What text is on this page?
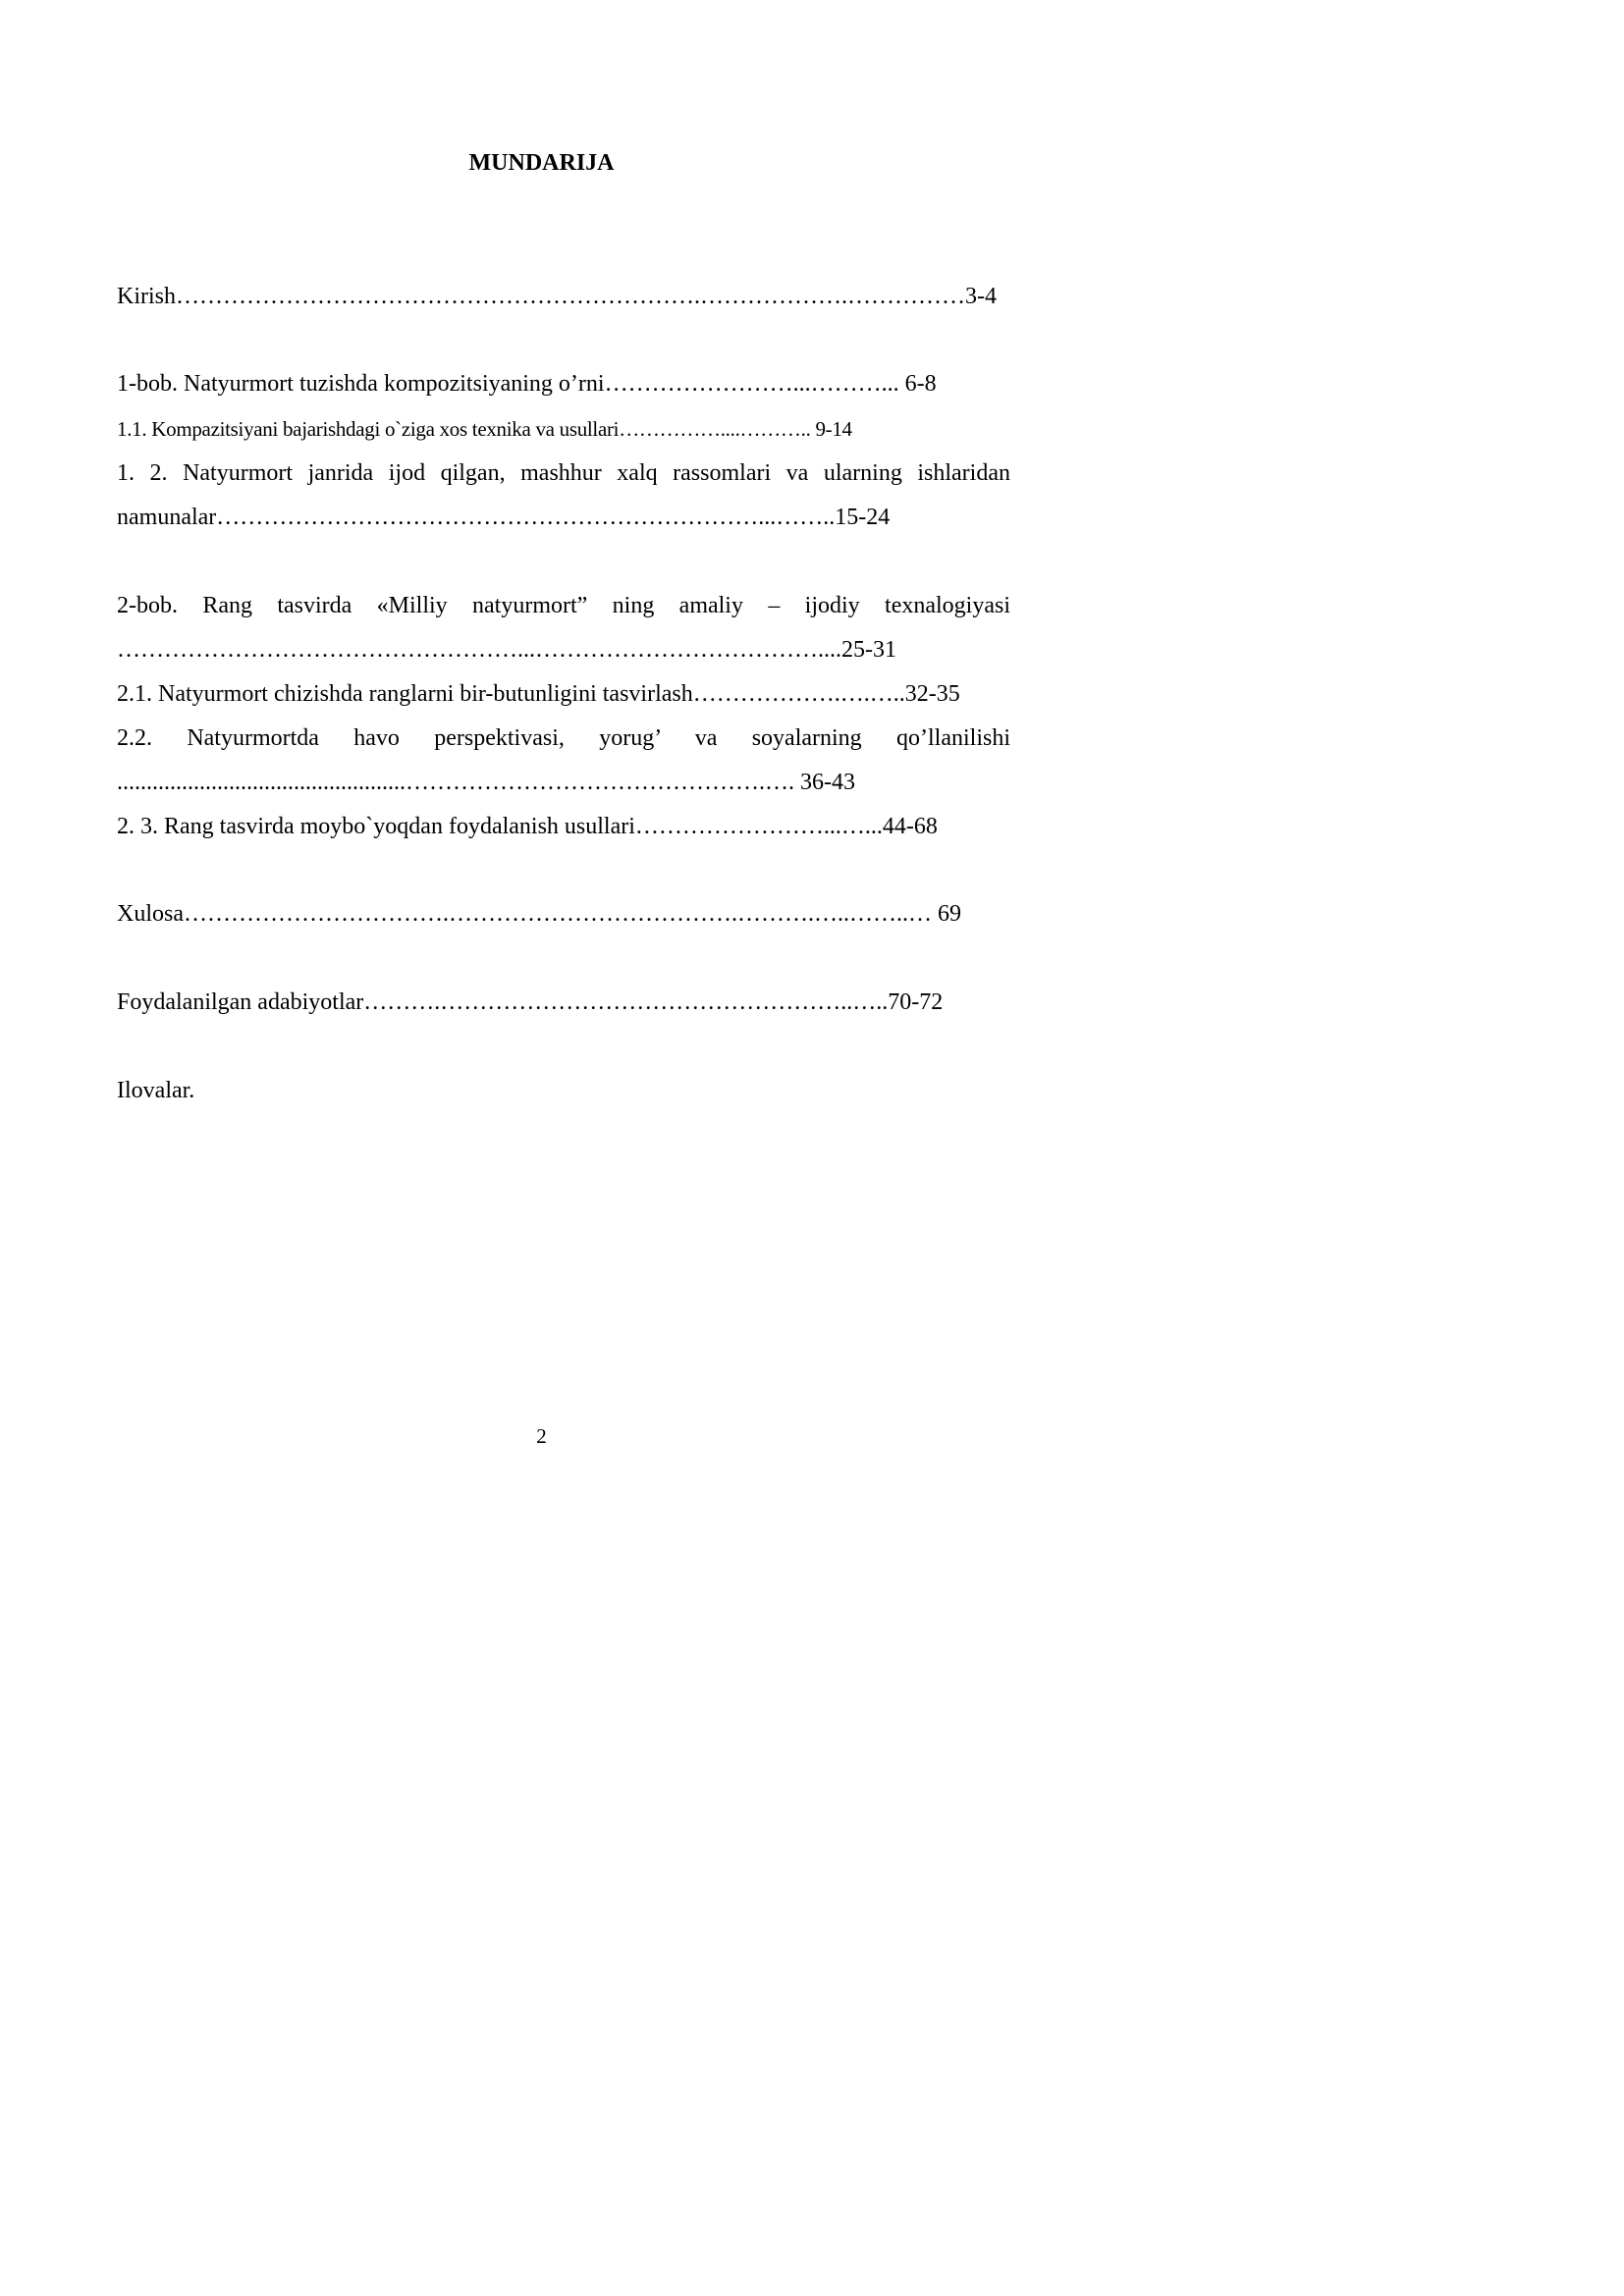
MUNDARIJA
Kirish………………………………………………………….……………….……………3-4
1-bob. Natyurmort tuzishda kompozitsiyaning o’rni……………………...………... 6-8
1.1. Kompazitsiyani bajarishdagi o`ziga xos texnika va usullari……………....……….. 9-14
1. 2. Natyurmort janrida ijod qilgan, mashhur xalq rassomlari va ularning ishlaridan
namunalar……………………………………………………………...……..15-24
2-bob. Rang tasvirda «Milliy natyurmort” ning amaliy – ijodiy texnalogiyasi
……………………………………………...………………………………....25-31
2.1. Natyurmort chizishda ranglarni bir-butunligini tasvirlash……………….….…..32-35
2.2. Natyurmortda havo perspektivasi, yorug’ va soyalarning qo’llanilishi
.................................................……………………………………….…. 36-43
2. 3. Rang tasvirda moybo`yoqdan foydalanish usullari……………………...…...44-68
Xulosa…………………………….……………………………….……….…..……..… 69
Foydalanilgan adabiyotlar……….……………………………………………..…..70-72
Ilovalar.
2
